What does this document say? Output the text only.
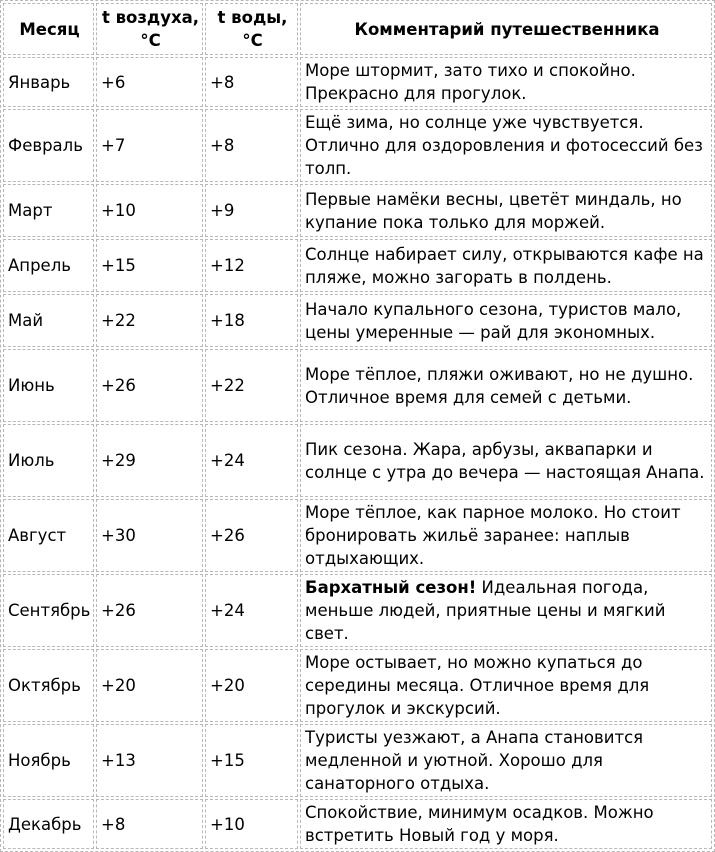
Месяц	t воздуха, °C	t воды, °C	Комментарий путешественника
Январь	+6	+8	Море штормит, зато тихо и спокойно. Прекрасно для прогулок.
Февраль	+7	+8	Ещё зима, но солнце уже чувствуется. Отлично для оздоровления и фотосессий без толп.
Март	+10	+9	Первые намёки весны, цветёт миндаль, но купание пока только для моржей.
Апрель	+15	+12	Солнце набирает силу, открываются кафе на пляже, можно загорать в полдень.
Май	+22	+18	Начало купального сезона, туристов мало, цены умеренные — рай для экономных.
Июнь	+26	+22	Море тёплое, пляжи оживают, но не душно. Отличное время для семей с детьми.
Июль	+29	+24	Пик сезона. Жара, арбузы, аквапарки и солнце с утра до вечера — настоящая Анапа.
Август	+30	+26	Море тёплое, как парное молоко. Но стоит бронировать жильё заранее: наплыв отдыхающих.
Сентябрь	+26	+24	Бархатный сезон! Идеальная погода, меньше людей, приятные цены и мягкий свет.
Октябрь	+20	+20	Море остывает, но можно купаться до середины месяца. Отличное время для прогулок и экскурсий.
Ноябрь	+13	+15	Туристы уезжают, а Анапа становится медленной и уютной. Хорошо для санаторного отдыха.
Декабрь	+8	+10	Спокойствие, минимум осадков. Можно встретить Новый год у моря.
